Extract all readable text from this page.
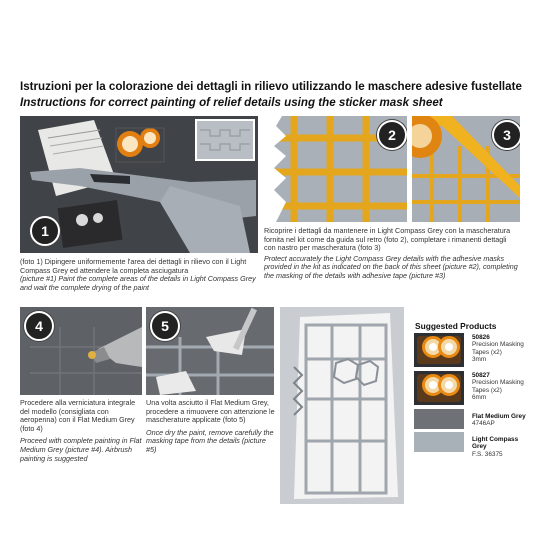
Istruzioni per la colorazione dei dettagli in rilievo utilizzando le maschere adesive fustellate
Instructions for correct painting of relief details using the sticker mask sheet
1
2	3

(foto 1) Dipingere uniformemente l'area dei dettagli in rilievo con il Light Compass Grey ed attendere la completa asciugatura

(picture #1) Paint the complete areas of the details in Light Compass Grey and wait the complete drying of the paint

Ricoprire i dettagli da mantenere in Light Compass Grey con la mascheratura fornita nel kit come da guida sul retro (foto 2), completare i rimanenti dettagli con nastro per mascheratura (foto 3)

Protect accurately the Light Compass Grey details with the adhesive masks provided in the kit as indicated on the back of this sheet (picture #2), completing the masking of the details with adhesive tape (picture #3)

4	5

Procedere alla verniciatura integrale del modello (consigliata con aeropenna) con il Flat Medium Grey (foto 4)

Proceed with complete painting in Flat Medium Grey (picture #4). Airbrush painting is suggested

Una volta asciutto il Flat Medium Grey, procedere a rimuovere con attenzione le mascherature applicate (foto 5)

Once dry the paint, remove carefully the masking tape from the details (picture #5)

Suggested Products
50826
Precision Masking Tapes (x2)
3mm
50827
Precision Masking Tapes (x2)
6mm
Flat Medium Grey
4746AP
Light Compass Grey
F.S. 36375
